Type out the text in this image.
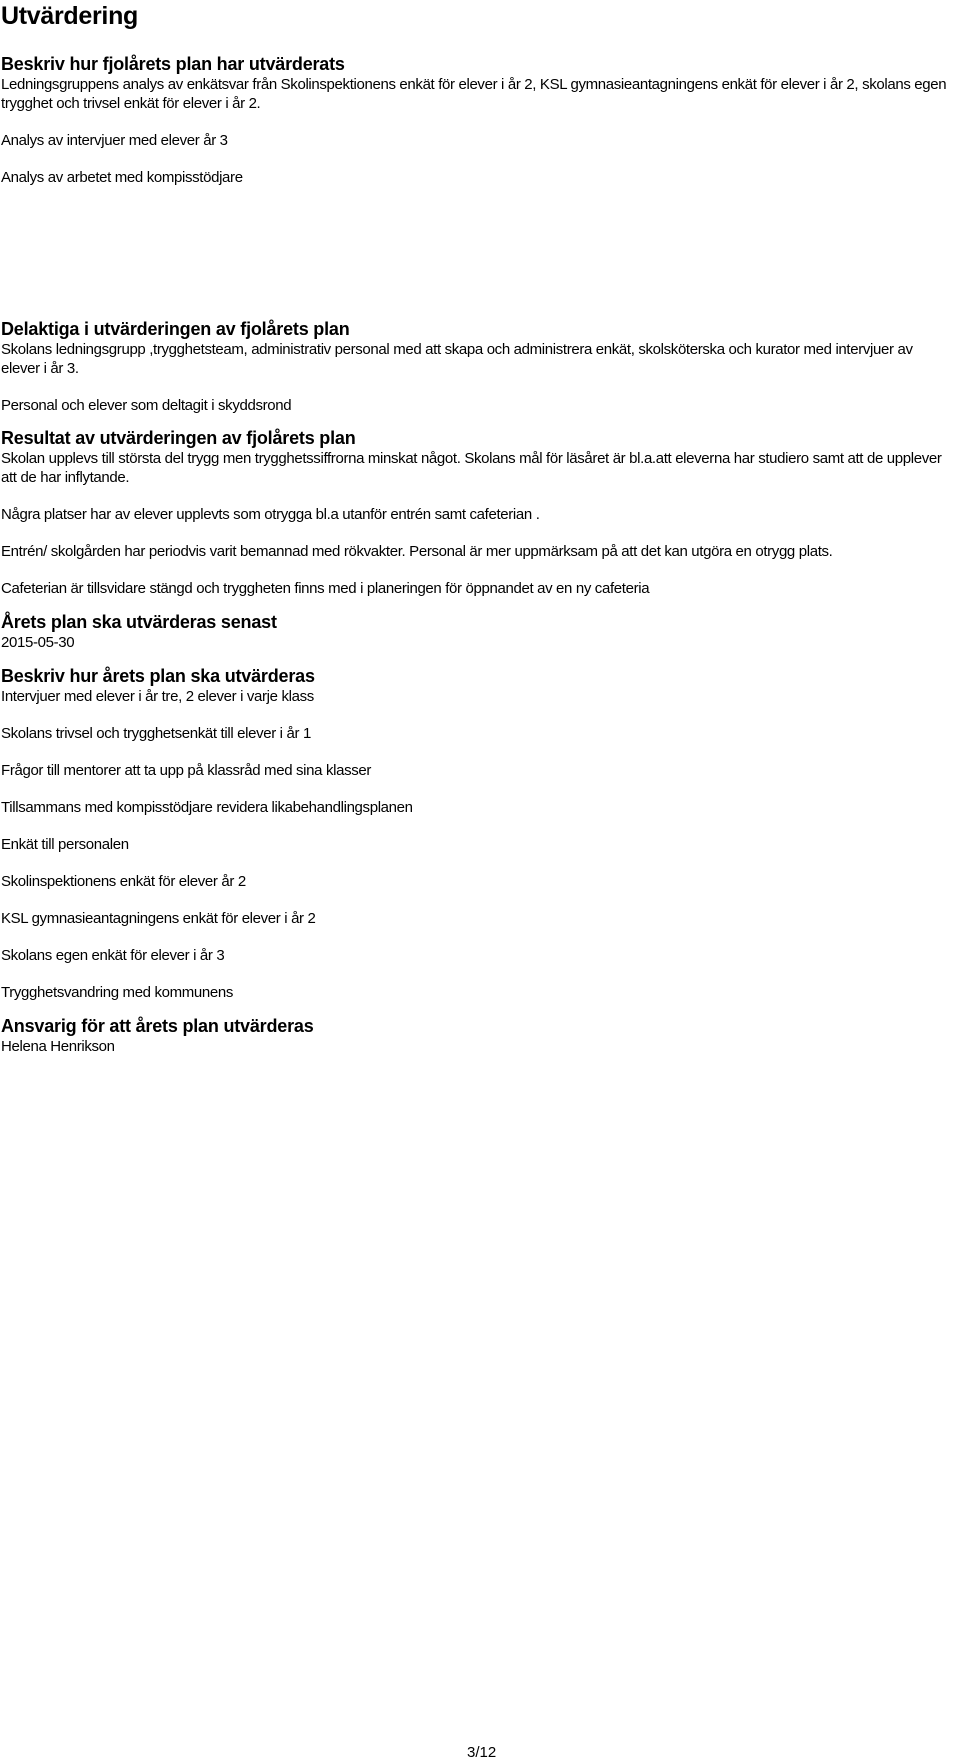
Utvärdering
Beskriv hur fjolårets plan har utvärderats

Ledningsgruppens analys av enkätsvar från Skolinspektionens enkät för elever i år 2, KSL gymnasieantagningens enkät för elever i år 2, skolans egen trygghet och trivsel enkät för elever i år 2.

Analys av intervjuer med elever år 3

Analys av arbetet med kompisstödjare

Delaktiga i utvärderingen av fjolårets plan

Skolans ledningsgrupp ,trygghetsteam, administrativ personal med att skapa och administrera enkät, skolsköterska och kurator med intervjuer av elever i år 3.

Personal och elever som deltagit i skyddsrond

Resultat av utvärderingen av fjolårets plan

Skolan upplevs till största del trygg men trygghetssiffrorna minskat något. Skolans mål för läsåret är bl.a.att eleverna har studiero samt att de upplever att de har inflytande.

Några platser har av elever upplevts som otrygga bl.a utanför entrén samt cafeterian .

Entrén/ skolgården har periodvis varit bemannad med rökvakter. Personal är mer uppmärksam på att det kan utgöra en otrygg plats.

Cafeterian är tillsvidare stängd och tryggheten finns med i planeringen för öppnandet av en ny cafeteria

Årets plan ska utvärderas senast

2015-05-30

Beskriv hur årets plan ska utvärderas

Intervjuer med elever i år tre, 2 elever i varje klass

Skolans trivsel och trygghetsenkät till elever i år 1

Frågor till mentorer att ta upp på klassråd med sina klasser

Tillsammans med kompisstödjare revidera likabehandlingsplanen

Enkät till personalen

Skolinspektionens enkät för elever år 2

KSL gymnasieantagningens enkät för elever i år 2

Skolans egen enkät för elever i år 3

Trygghetsvandring med kommunens

Ansvarig för att årets plan utvärderas

Helena Henrikson

3/12
